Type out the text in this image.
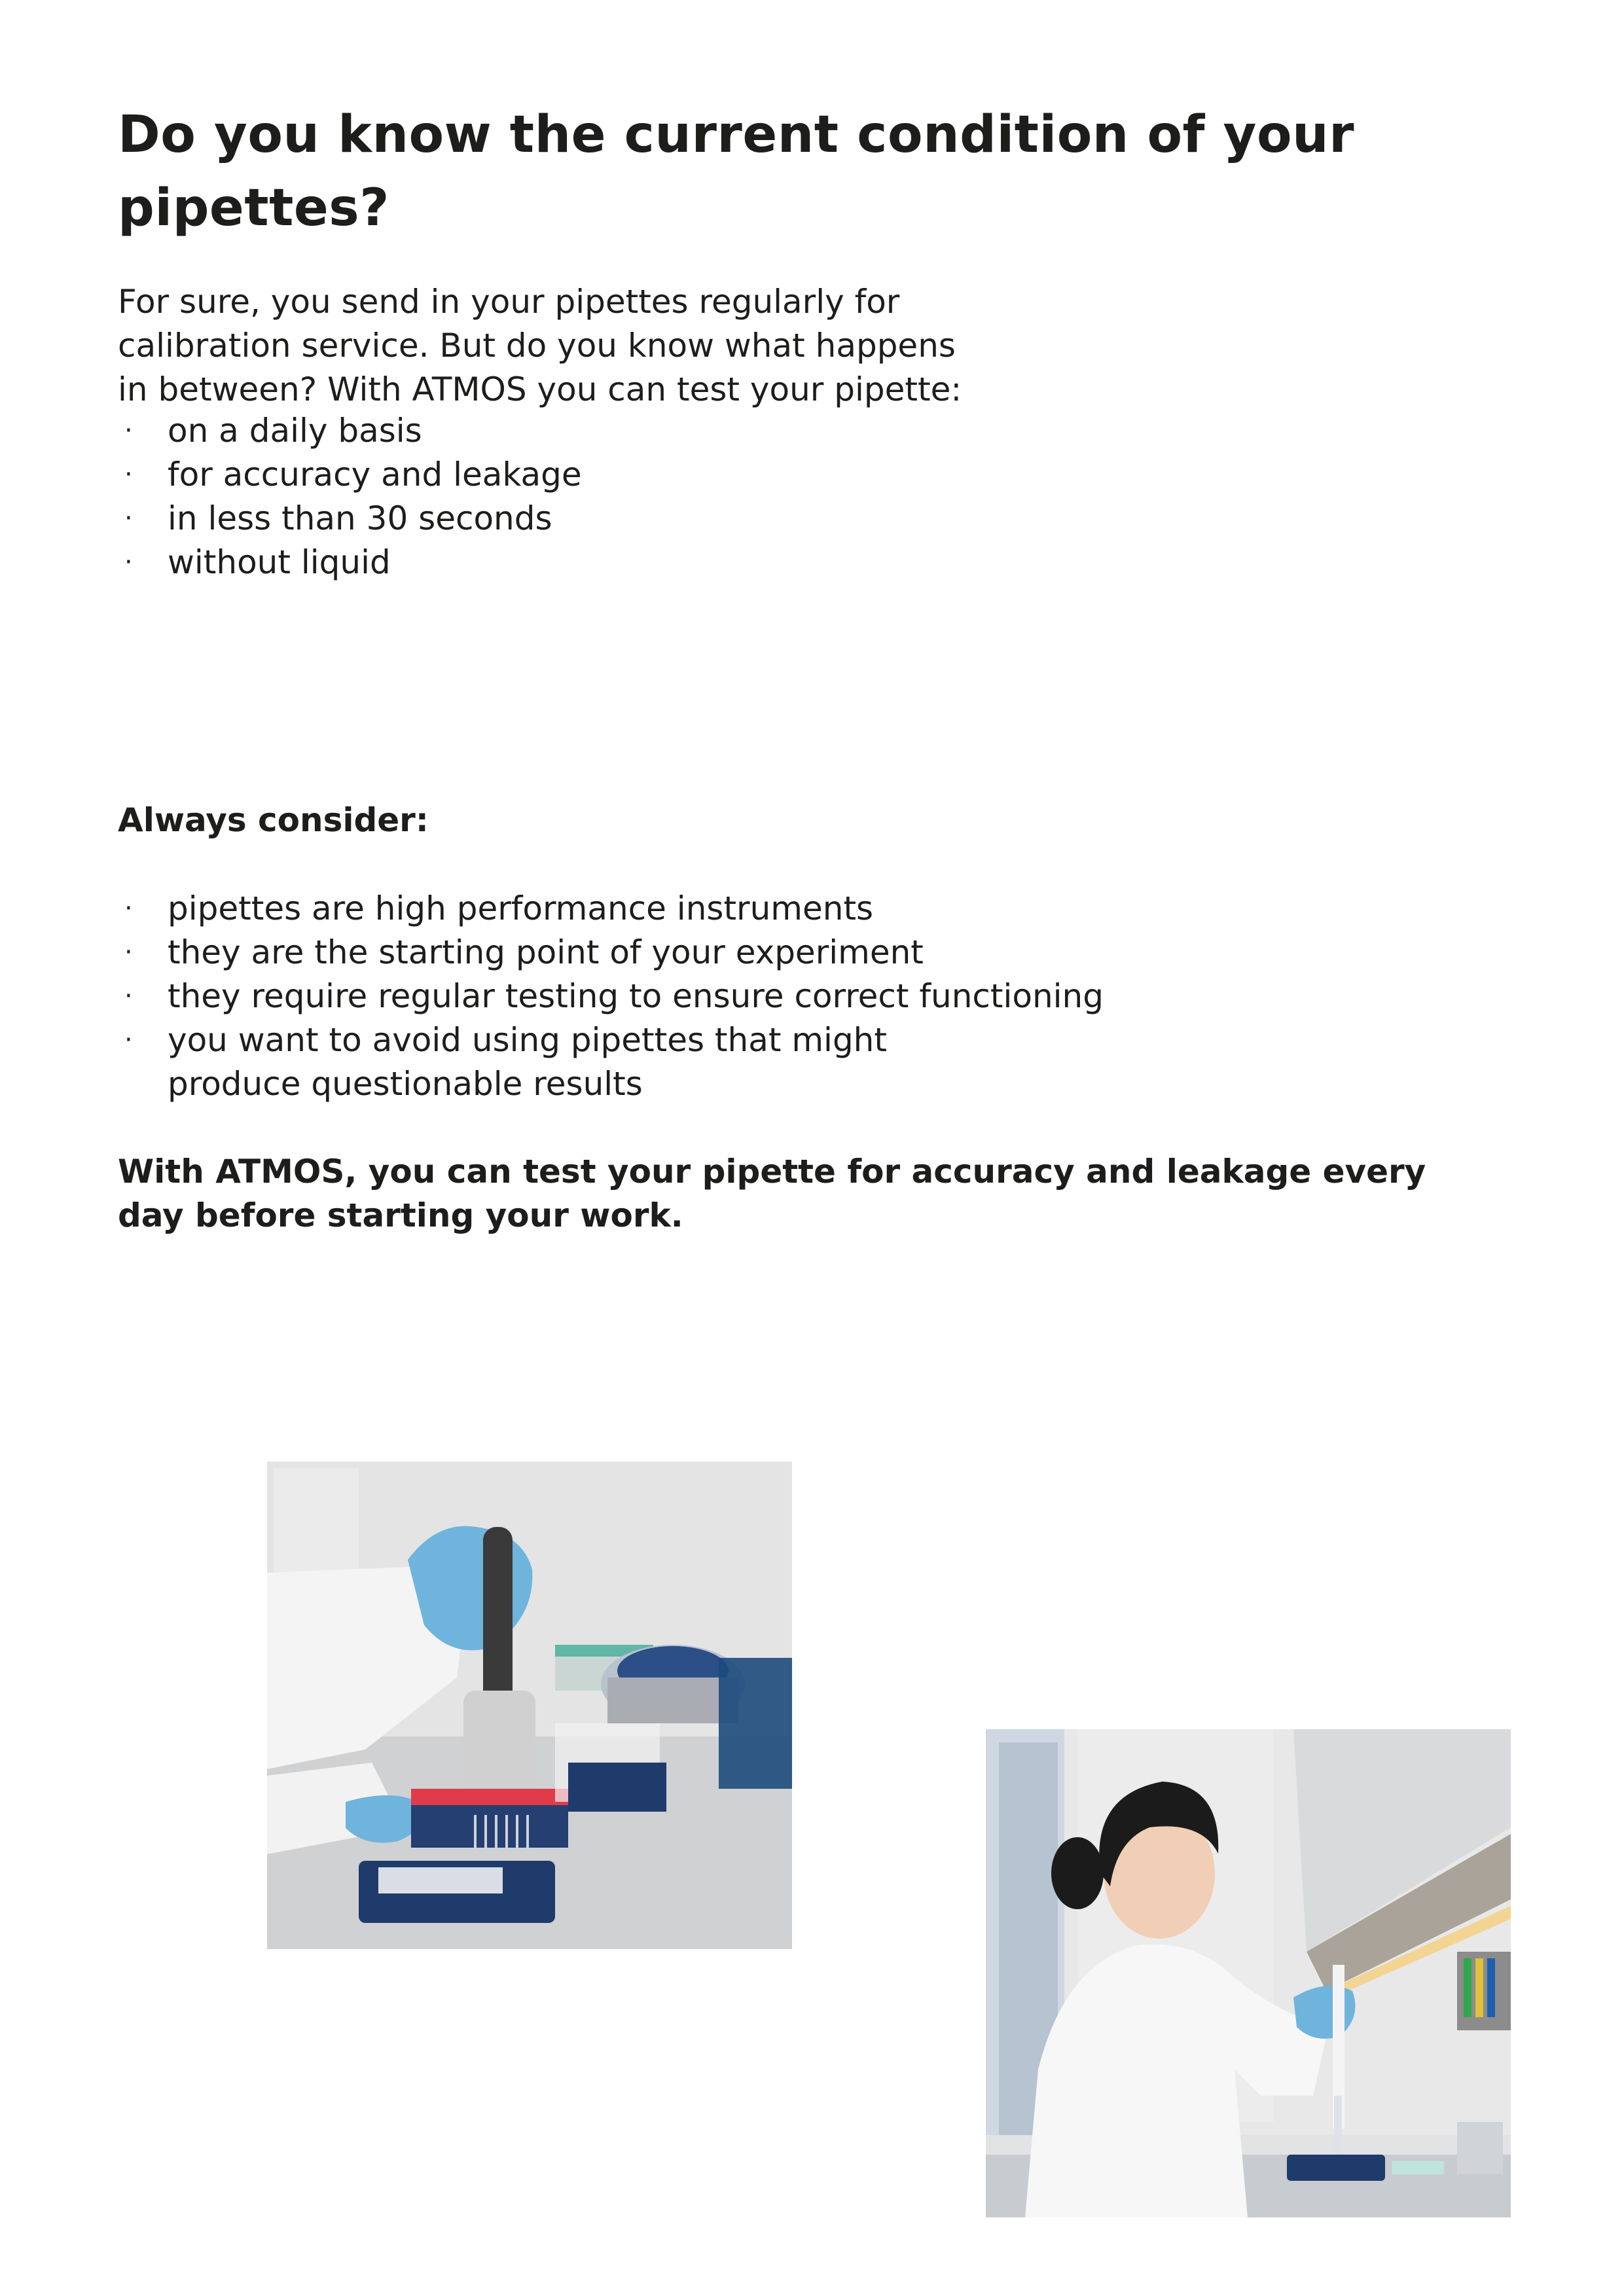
Do you know the current condition of your pipettes?

For sure, you send in your pipettes regularly for calibration service. But do you know what happens in between? With ATMOS you can test your pipette:

· on a daily basis
· for accuracy and leakage
· in less than 30 seconds
· without liquid
Always consider:
· pipettes are high performance instruments
· they are the starting point of your experiment
· they require regular testing to ensure correct functioning
· you want to avoid using pipettes that might produce questionable results

With ATMOS, you can test your pipette for accuracy and leakage every day before starting your work.
